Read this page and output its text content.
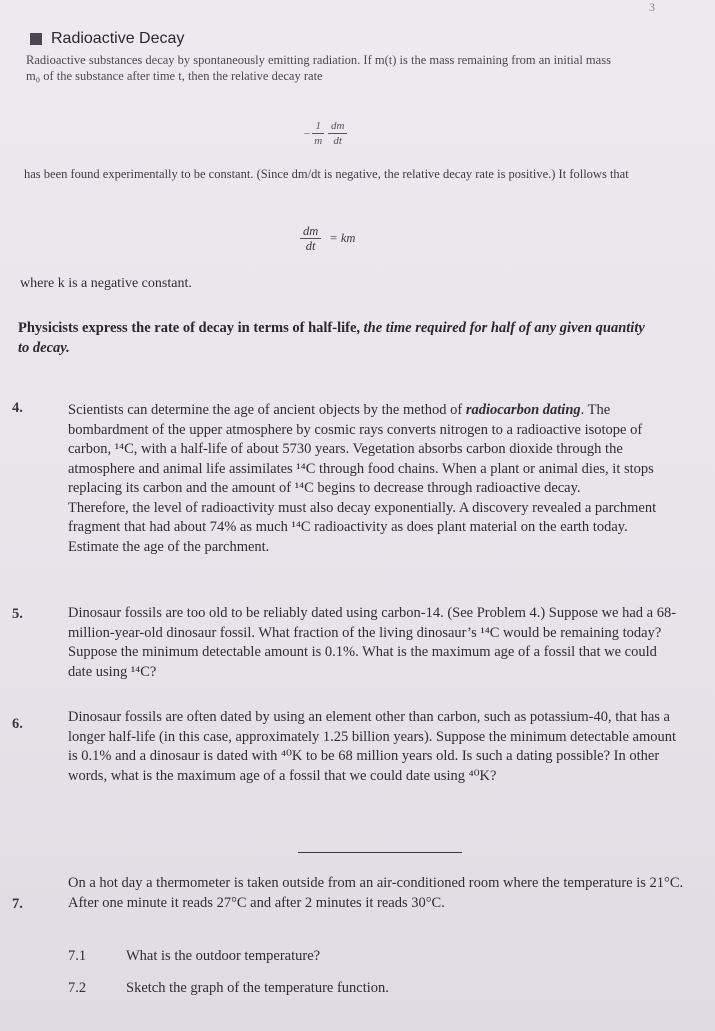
3
Radioactive Decay
Radioactive substances decay by spontaneously emitting radiation. If m(t) is the mass remaining from an initial mass m₀ of the substance after time t, then the relative decay rate
− $\frac{1}{m} \frac{dm}{dt}$
has been found experimentally to be constant. (Since dm/dt is negative, the relative decay rate is positive.) It follows that
$\frac{dm}{dt}$ = km
where k is a negative constant.
Physicists express the rate of decay in terms of half-life, the time required for half of any given quantity to decay.
4.	Scientists can determine the age of ancient objects by the method of radiocarbon dating. The bombardment of the upper atmosphere by cosmic rays converts nitrogen to a radioactive isotope of carbon, ¹⁴C, with a half-life of about 5730 years. Vegetation absorbs carbon dioxide through the atmosphere and animal life assimilates ¹⁴C through food chains. When a plant or animal dies, it stops replacing its carbon and the amount of ¹⁴C begins to decrease through radioactive decay.
Therefore, the level of radioactivity must also decay exponentially. A discovery revealed a parchment fragment that had about 74% as much ¹⁴C radioactivity as does plant material on the earth today. Estimate the age of the parchment.
5.	Dinosaur fossils are too old to be reliably dated using carbon-14. (See Problem 4.) Suppose we had a 68-million-year-old dinosaur fossil. What fraction of the living dinosaur’s ¹⁴C would be remaining today? Suppose the minimum detectable amount is 0.1%. What is the maximum age of a fossil that we could date using ¹⁴C?
6.	Dinosaur fossils are often dated by using an element other than carbon, such as potassium-40, that has a longer half-life (in this case, approximately 1.25 billion years). Suppose the minimum detectable amount is 0.1% and a dinosaur is dated with ⁴⁰K to be 68 million years old. Is such a dating possible? In other words, what is the maximum age of a fossil that we could date using ⁴⁰K?
7.
On a hot day a thermometer is taken outside from an air-conditioned room where the temperature is 21°C. After one minute it reads 27°C and after 2 minutes it reads 30°C.
7.1	What is the outdoor temperature?
7.2	Sketch the graph of the temperature function.
